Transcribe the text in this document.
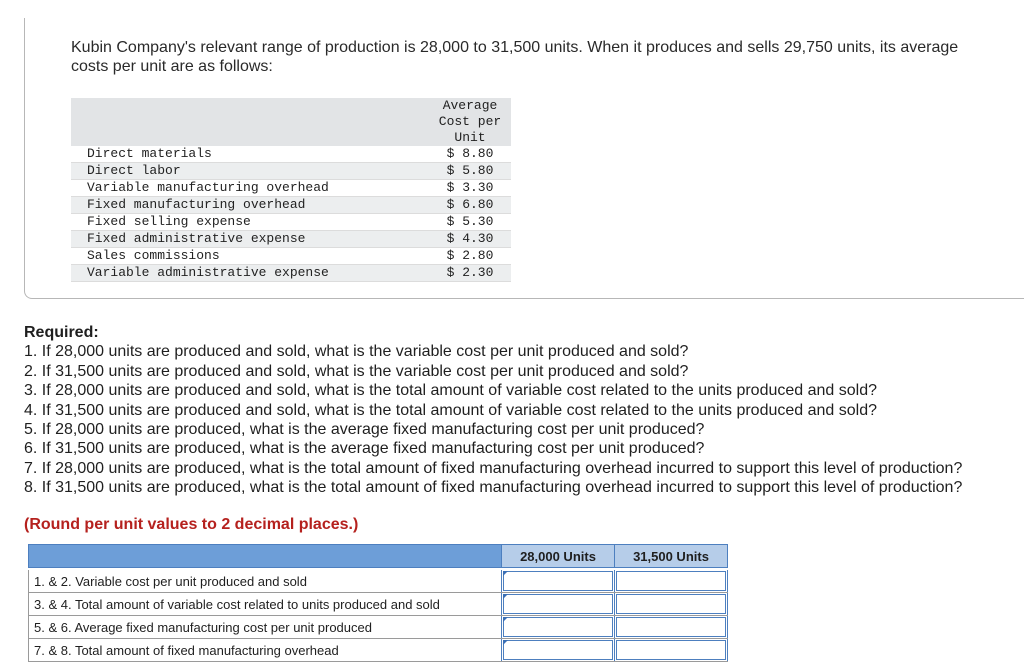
Kubin Company's relevant range of production is 28,000 to 31,500 units. When it produces and sells 29,750 units, its average costs per unit are as follows:
	Average
Cost per
Unit
Direct materials	$ 8.80
Direct labor	$ 5.80
Variable manufacturing overhead	$ 3.30
Fixed manufacturing overhead	$ 6.80
Fixed selling expense	$ 5.30
Fixed administrative expense	$ 4.30
Sales commissions	$ 2.80
Variable administrative expense	$ 2.30
Required:
1. If 28,000 units are produced and sold, what is the variable cost per unit produced and sold?
2. If 31,500 units are produced and sold, what is the variable cost per unit produced and sold?
3. If 28,000 units are produced and sold, what is the total amount of variable cost related to the units produced and sold?
4. If 31,500 units are produced and sold, what is the total amount of variable cost related to the units produced and sold?
5. If 28,000 units are produced, what is the average fixed manufacturing cost per unit produced?
6. If 31,500 units are produced, what is the average fixed manufacturing cost per unit produced?
7. If 28,000 units are produced, what is the total amount of fixed manufacturing overhead incurred to support this level of production?
8. If 31,500 units are produced, what is the total amount of fixed manufacturing overhead incurred to support this level of production?
(Round per unit values to 2 decimal places.)
	28,000 Units	31,500 Units

1. & 2. Variable cost per unit produced and sold	

3. & 4. Total amount of variable cost related to units produced and sold	

5. & 6. Average fixed manufacturing cost per unit produced	

7. & 8. Total amount of fixed manufacturing overhead	
